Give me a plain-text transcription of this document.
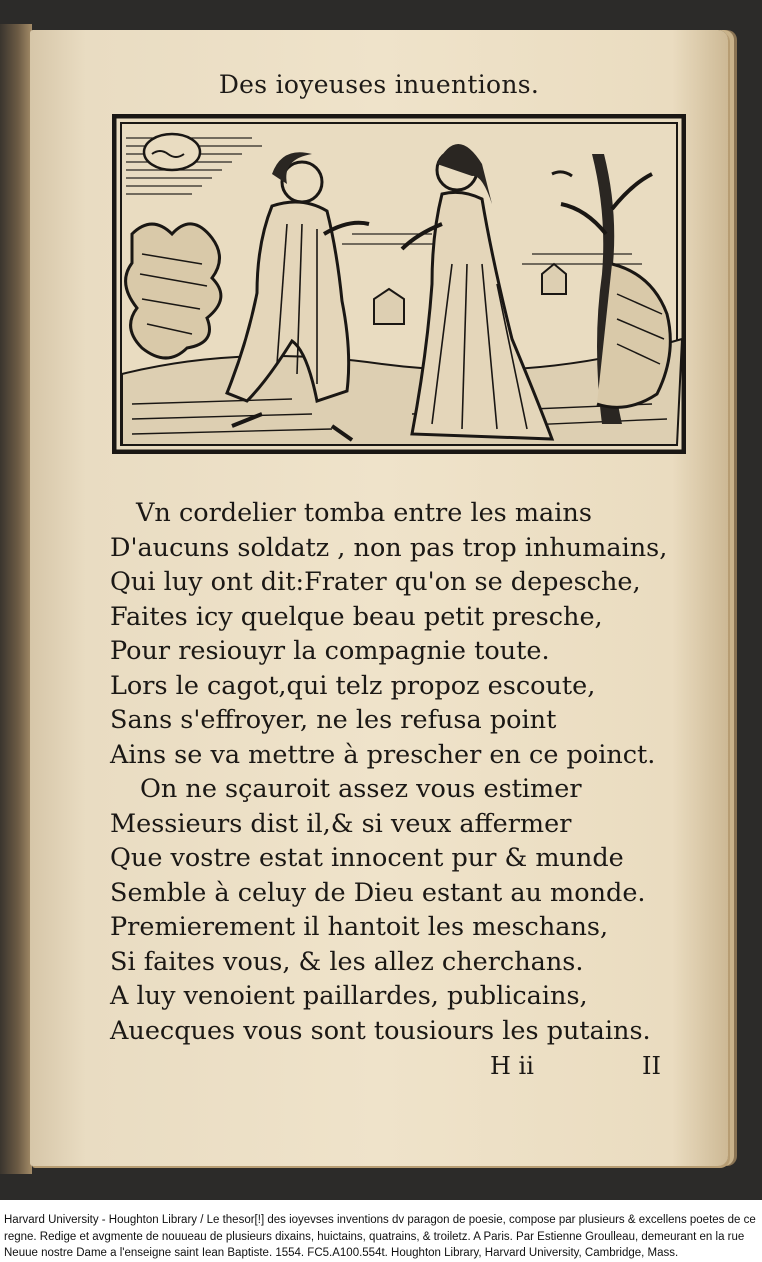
Des ioyeuses inuentions.
Vn cordelier tomba entre les mains
D'aucuns soldatz , non pas trop inhumains,
Qui luy ont dit:Frater qu'on se depesche,
Faites icy quelque beau petit presche,
Pour resiouyr la compagnie toute.
Lors le cagot,qui telz propoz escoute,
Sans s'effroyer, ne les refusa point
Ains se va mettre à prescher en ce poinct.
On ne sçauroit assez vous estimer
Messieurs dist il,& si veux affermer
Que vostre estat innocent pur & munde
Semble à celuy de Dieu estant au monde.
Premierement il hantoit les meschans,
Si faites vous, & les allez cherchans.
A luy venoient paillardes, publicains,
Auecques vous sont tousiours les putains.
H ii	II
Harvard University - Houghton Library / Le thesor[!] des ioyevses inventions dv paragon de poesie, compose par plusieurs & excellens poetes de ce regne. Redige et avgmente de nouueau de plusieurs dixains, huictains, quatrains, & troiletz. A Paris. Par Estienne Groulleau, demeurant en la rue Neuue nostre Dame a l'enseigne saint Iean Baptiste. 1554. FC5.A100.554t. Houghton Library, Harvard University, Cambridge, Mass.
